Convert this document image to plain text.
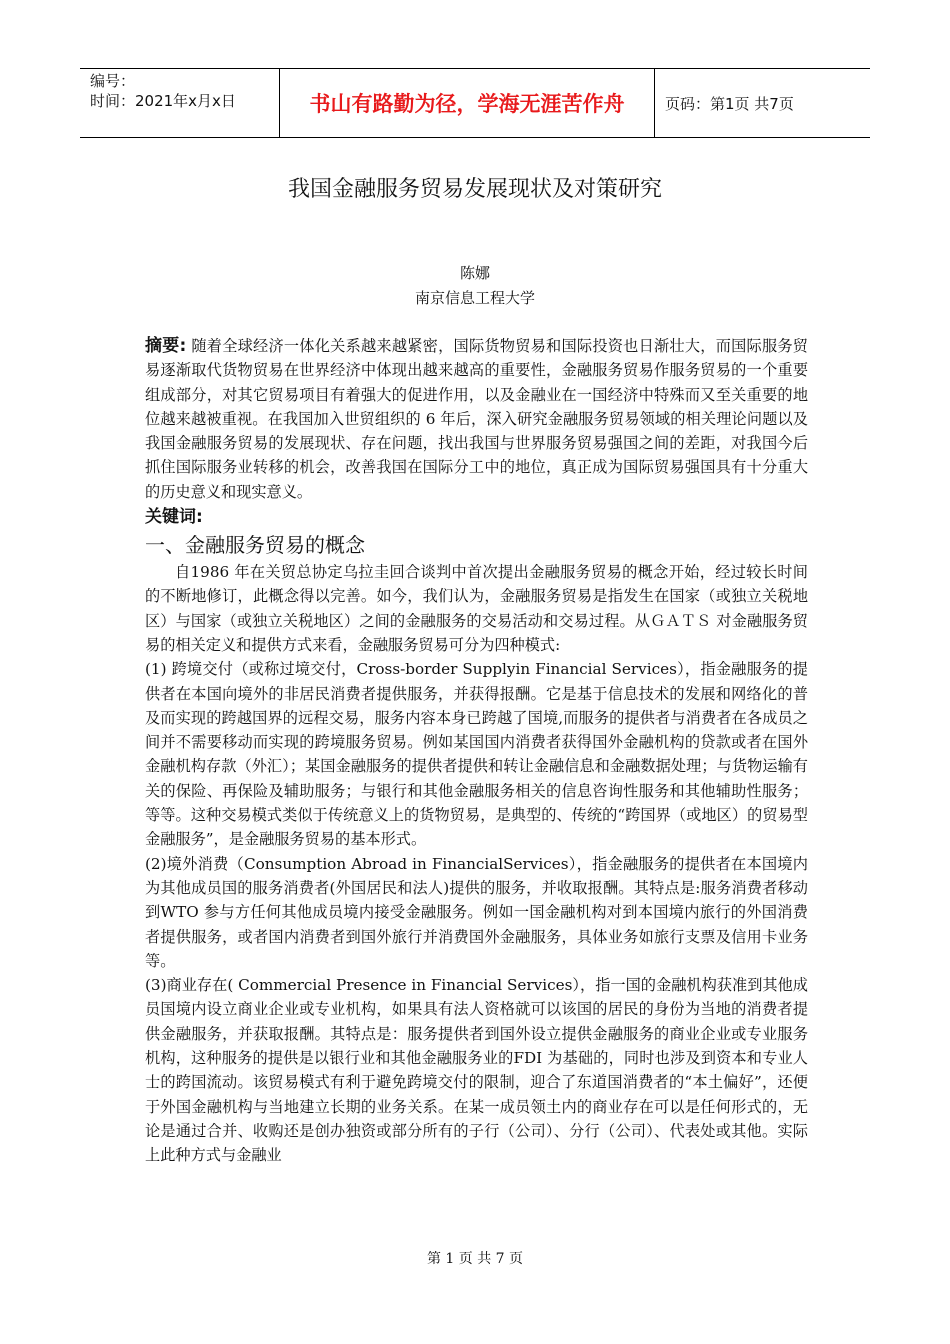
编号：
时间：2021年x月x日	书山有路勤为径，学海无涯苦作舟	页码：第1页 共7页
我国金融服务贸易发展现状及对策研究
陈娜
南京信息工程大学

摘要: 随着全球经济一体化关系越来越紧密，国际货物贸易和国际投资也日渐壮大，而国际服务贸易逐渐取代货物贸易在世界经济中体现出越来越高的重要性，金融服务贸易作服务贸易的一个重要组成部分，对其它贸易项目有着强大的促进作用，以及金融业在一国经济中特殊而又至关重要的地位越来越被重视。在我国加入世贸组织的 6 年后，深入研究金融服务贸易领域的相关理论问题以及我国金融服务贸易的发展现状、存在问题，找出我国与世界服务贸易强国之间的差距，对我国今后抓住国际服务业转移的机会，改善我国在国际分工中的地位，真正成为国际贸易强国具有十分重大的历史意义和现实意义。

关键词:

一、金融服务贸易的概念

自1986 年在关贸总协定乌拉圭回合谈判中首次提出金融服务贸易的概念开始，经过较长时间的不断地修订，此概念得以完善。如今，我们认为，金融服务贸易是指发生在国家（或独立关税地区）与国家（或独立关税地区）之间的金融服务的交易活动和交易过程。从ＧＡＴＳ 对金融服务贸易的相关定义和提供方式来看，金融服务贸易可分为四种模式:

(1) 跨境交付（或称过境交付，Cross-border Supplyin Financial Services），指金融服务的提供者在本国向境外的非居民消费者提供服务，并获得报酬。它是基于信息技术的发展和网络化的普及而实现的跨越国界的远程交易，服务内容本身已跨越了国境,而服务的提供者与消费者在各成员之间并不需要移动而实现的跨境服务贸易。例如某国国内消费者获得国外金融机构的贷款或者在国外金融机构存款（外汇）；某国金融服务的提供者提供和转让金融信息和金融数据处理；与货物运输有关的保险、再保险及辅助服务；与银行和其他金融服务相关的信息咨询性服务和其他辅助性服务；等等。这种交易模式类似于传统意义上的货物贸易，是典型的、传统的“跨国界（或地区）的贸易型金融服务”，是金融服务贸易的基本形式。

(2)境外消费（Consumption Abroad in FinancialServices），指金融服务的提供者在本国境内为其他成员国的服务消费者(外国居民和法人)提供的服务，并收取报酬。其特点是:服务消费者移动到WTO 参与方任何其他成员境内接受金融服务。例如一国金融机构对到本国境内旅行的外国消费者提供服务，或者国内消费者到国外旅行并消费国外金融服务，具体业务如旅行支票及信用卡业务等。

(3)商业存在( Commercial Presence in Financial Services），指一国的金融机构获准到其他成员国境内设立商业企业或专业机构，如果具有法人资格就可以该国的居民的身份为当地的消费者提供金融服务，并获取报酬。其特点是：服务提供者到国外设立提供金融服务的商业企业或专业服务机构，这种服务的提供是以银行业和其他金融服务业的FDI 为基础的，同时也涉及到资本和专业人士的跨国流动。该贸易模式有利于避免跨境交付的限制，迎合了东道国消费者的“本土偏好”，还便于外国金融机构与当地建立长期的业务关系。在某一成员领土内的商业存在可以是任何形式的，无论是通过合并、收购还是创办独资或部分所有的子行（公司）、分行（公司）、代表处或其他。实际上此种方式与金融业

第 1 页 共 7 页
